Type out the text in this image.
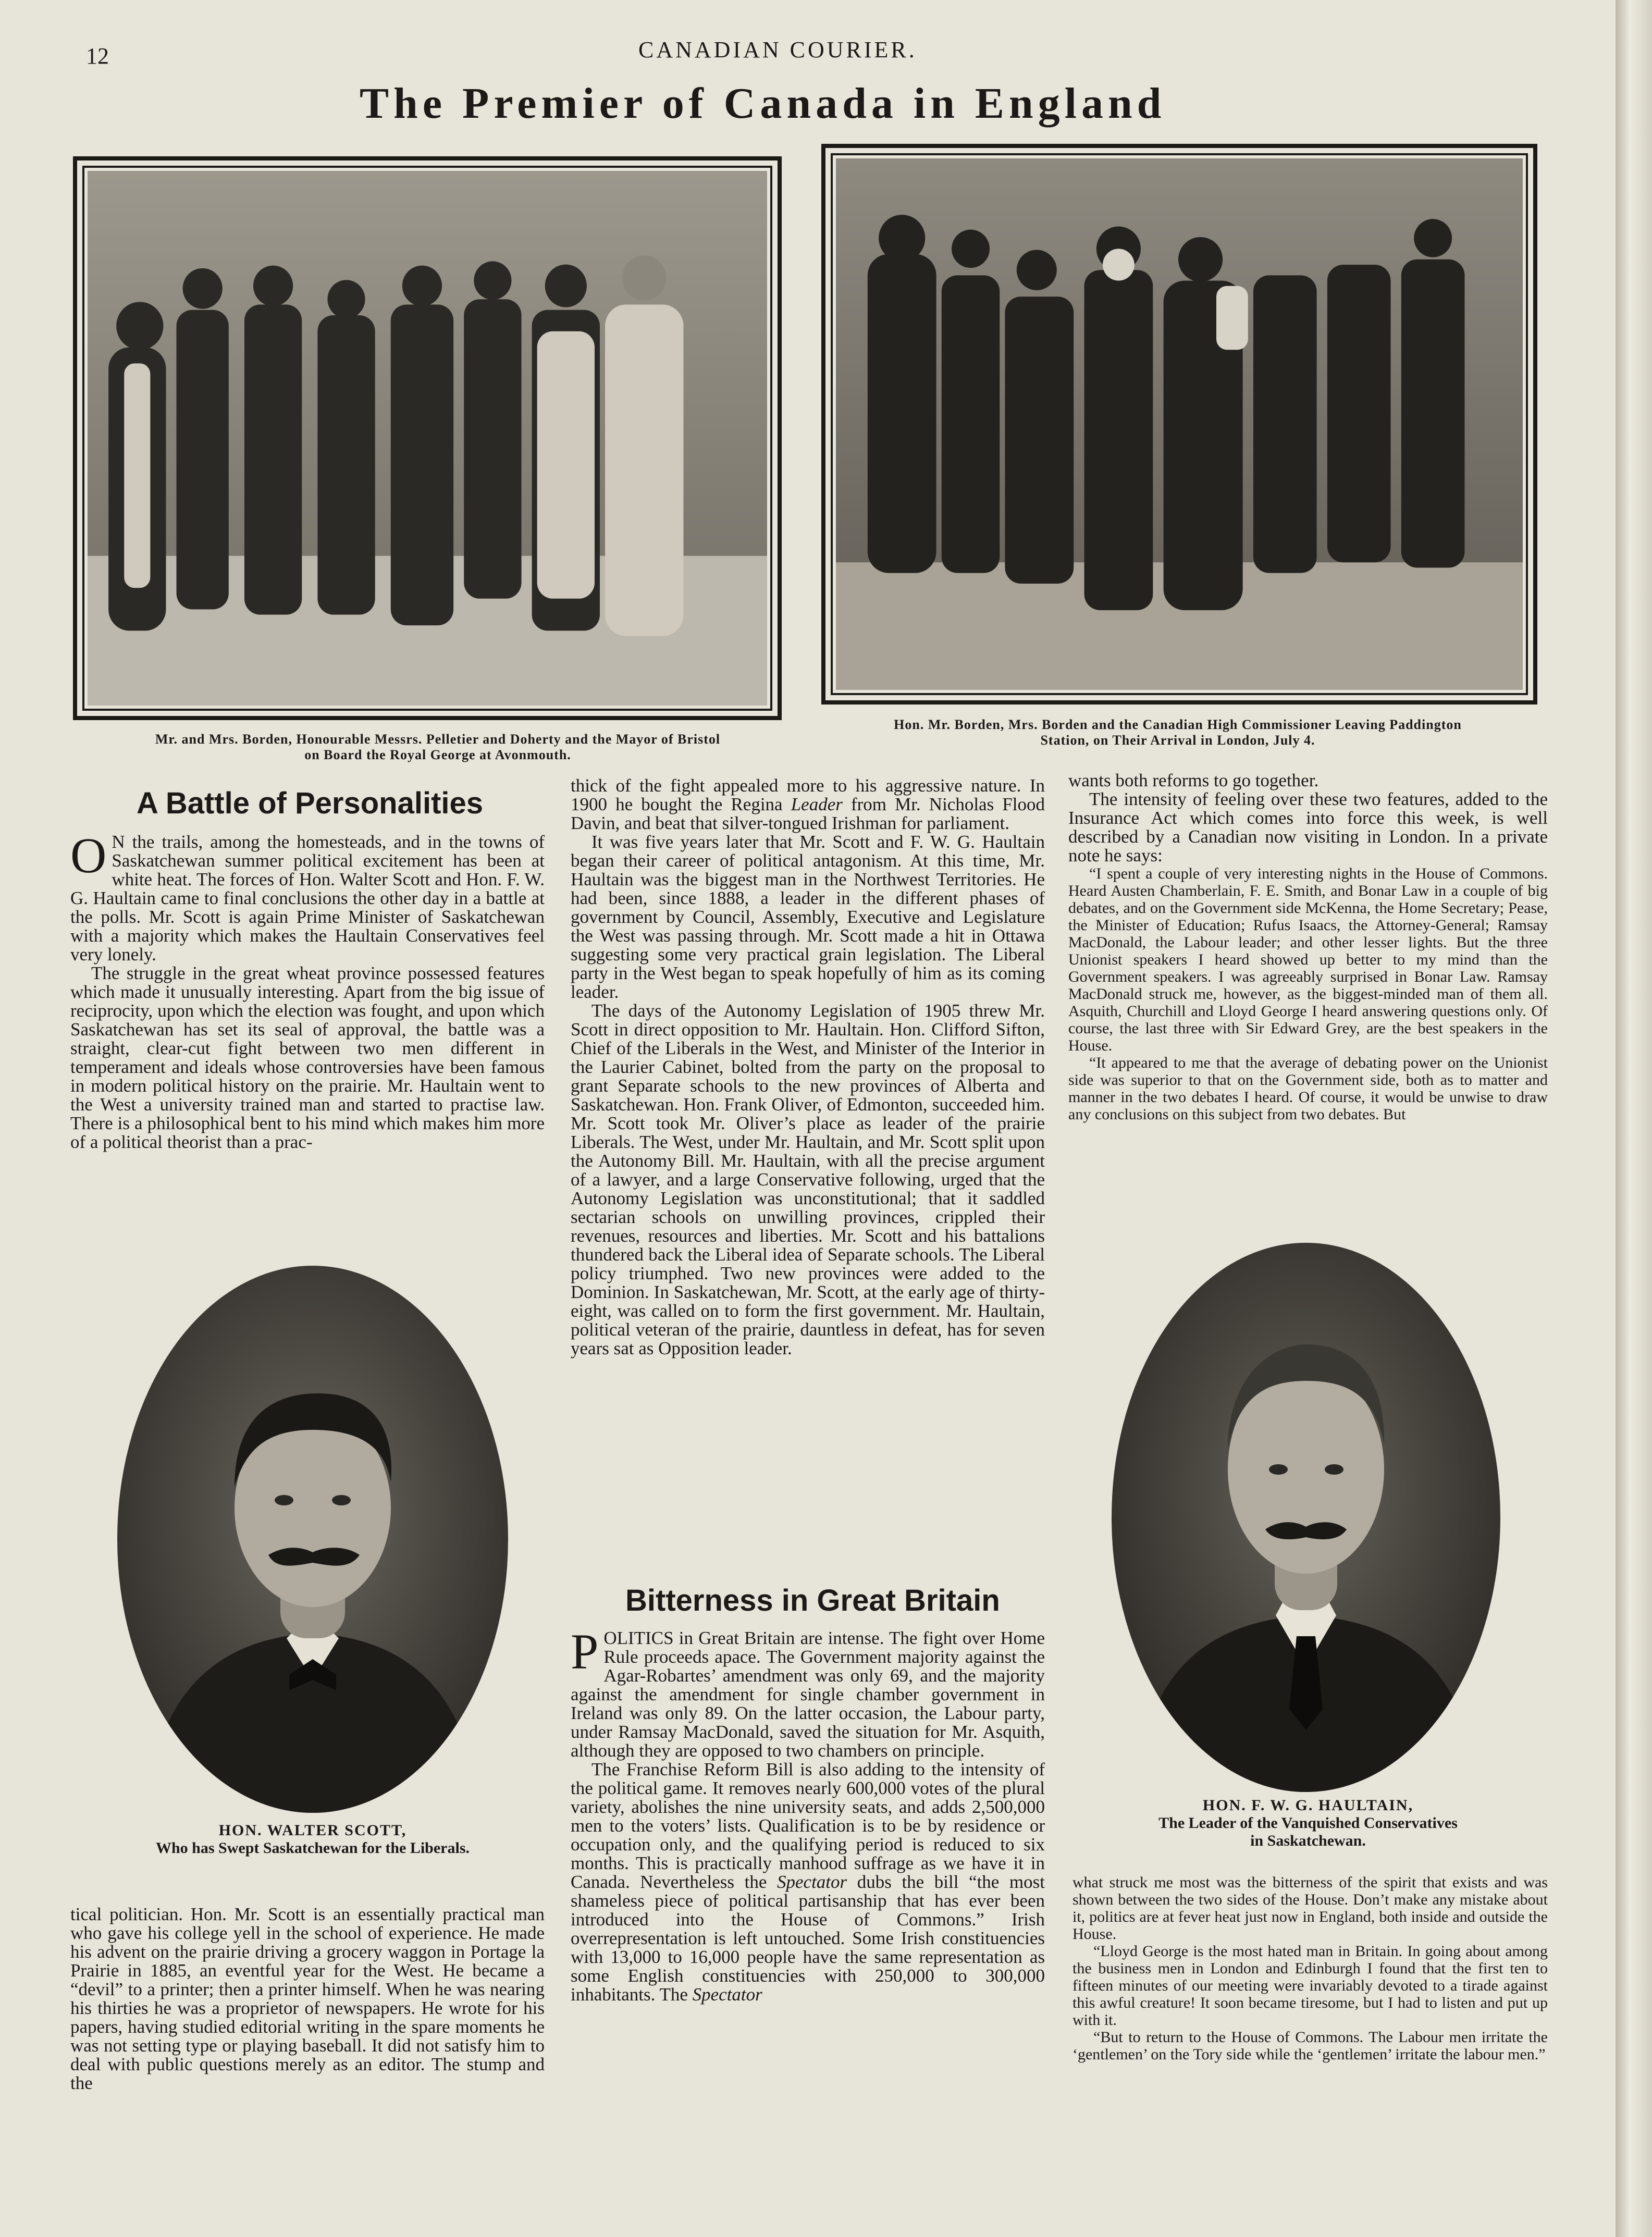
12	CANADIAN COURIER.
The Premier of Canada in England
Mr. and Mrs. Borden, Honourable Messrs. Pelletier and Doherty and the Mayor of Bristol
on Board the Royal George at Avonmouth.
Hon. Mr. Borden, Mrs. Borden and the Canadian High Commissioner Leaving Paddington
Station, on Their Arrival in London, July 4.
A Battle of Personalities

O N the trails, among the homesteads, and in the towns of Saskatchewan summer political excitement has been at white heat. The forces of Hon. Walter Scott and Hon. F. W. G. Haultain came to final conclusions the other day in a battle at the polls. Mr. Scott is again Prime Minister of Saskatchewan with a majority which makes the Haultain Conservatives feel very lonely.

The struggle in the great wheat province possessed features which made it unusually interesting. Apart from the big issue of reciprocity, upon which the election was fought, and upon which Saskatchewan has set its seal of approval, the battle was a straight, clear-cut fight between two men different in temperament and ideals whose controversies have been famous in modern political history on the prairie. Mr. Haultain went to the West a university trained man and started to practise law. There is a philosophical bent to his mind which makes him more of a political theorist than a prac-

HON. WALTER SCOTT,
Who has Swept Saskatchewan for the Liberals.

tical politician. Hon. Mr. Scott is an essentially practical man who gave his college yell in the school of experience. He made his advent on the prairie driving a grocery waggon in Portage la Prairie in 1885, an eventful year for the West. He became a “devil” to a printer; then a printer himself. When he was nearing his thirties he was a proprietor of newspapers. He wrote for his papers, having studied editorial writing in the spare moments he was not setting type or playing baseball. It did not satisfy him to deal with public questions merely as an editor. The stump and the

thick of the fight appealed more to his aggressive nature. In 1900 he bought the Regina Leader from Mr. Nicholas Flood Davin, and beat that silver-tongued Irishman for parliament.

It was five years later that Mr. Scott and F. W. G. Haultain began their career of political antagonism. At this time, Mr. Haultain was the biggest man in the Northwest Territories. He had been, since 1888, a leader in the different phases of government by Council, Assembly, Executive and Legislature the West was passing through. Mr. Scott made a hit in Ottawa suggesting some very practical grain legislation. The Liberal party in the West began to speak hopefully of him as its coming leader.

The days of the Autonomy Legislation of 1905 threw Mr. Scott in direct opposition to Mr. Haultain. Hon. Clifford Sifton, Chief of the Liberals in the West, and Minister of the Interior in the Laurier Cabinet, bolted from the party on the proposal to grant Separate schools to the new provinces of Alberta and Saskatchewan. Hon. Frank Oliver, of Edmonton, succeeded him. Mr. Scott took Mr. Oliver’s place as leader of the prairie Liberals. The West, under Mr. Haultain, and Mr. Scott split upon the Autonomy Bill. Mr. Haultain, with all the precise argument of a lawyer, and a large Conservative following, urged that the Autonomy Legislation was unconstitutional; that it saddled sectarian schools on unwilling provinces, crippled their revenues, resources and liberties. Mr. Scott and his battalions thundered back the Liberal idea of Separate schools. The Liberal policy triumphed. Two new provinces were added to the Dominion. In Saskatchewan, Mr. Scott, at the early age of thirty-eight, was called on to form the first government. Mr. Haultain, political veteran of the prairie, dauntless in defeat, has for seven years sat as Opposition leader.

Bitterness in Great Britain

POLITICS in Great Britain are intense. The fight over Home Rule proceeds apace. The Government majority against the Agar-Robartes’ amendment was only 69, and the majority against the amendment for single chamber government in Ireland was only 89. On the latter occasion, the Labour party, under Ramsay MacDonald, saved the situation for Mr. Asquith, although they are opposed to two chambers on principle.

The Franchise Reform Bill is also adding to the intensity of the political game. It removes nearly 600,000 votes of the plural variety, abolishes the nine university seats, and adds 2,500,000 men to the voters’ lists. Qualification is to be by residence or occupation only, and the qualifying period is reduced to six months. This is practically manhood suffrage as we have it in Canada. Nevertheless the Spectator dubs the bill “the most shameless piece of political partisanship that has ever been introduced into the House of Commons.” Irish overrepresentation is left untouched. Some Irish constituencies with 13,000 to 16,000 people have the same representation as some English constituencies with 250,000 to 300,000 inhabitants. The Spectator

wants both reforms to go together.

The intensity of feeling over these two features, added to the Insurance Act which comes into force this week, is well described by a Canadian now visiting in London. In a private note he says:

“I spent a couple of very interesting nights in the House of Commons. Heard Austen Chamberlain, F. E. Smith, and Bonar Law in a couple of big debates, and on the Government side McKenna, the Home Secretary; Pease, the Minister of Education; Rufus Isaacs, the Attorney-General; Ramsay MacDonald, the Labour leader; and other lesser lights. But the three Unionist speakers I heard showed up better to my mind than the Government speakers. I was agreeably surprised in Bonar Law. Ramsay MacDonald struck me, however, as the biggest-minded man of them all. Asquith, Churchill and Lloyd George I heard answering questions only. Of course, the last three with Sir Edward Grey, are the best speakers in the House.

“It appeared to me that the average of debating power on the Unionist side was superior to that on the Government side, both as to matter and manner in the two debates I heard. Of course, it would be unwise to draw any conclusions on this subject from two debates. But

HON. F. W. G. HAULTAIN,
The Leader of the Vanquished Conservatives
in Saskatchewan.

what struck me most was the bitterness of the spirit that exists and was shown between the two sides of the House. Don’t make any mistake about it, politics are at fever heat just now in England, both inside and outside the House.

“Lloyd George is the most hated man in Britain. In going about among the business men in London and Edinburgh I found that the first ten to fifteen minutes of our meeting were invariably devoted to a tirade against this awful creature! It soon became tiresome, but I had to listen and put up with it.

“But to return to the House of Commons. The Labour men irritate the ‘gentlemen’ on the Tory side while the ‘gentlemen’ irritate the labour men.”
